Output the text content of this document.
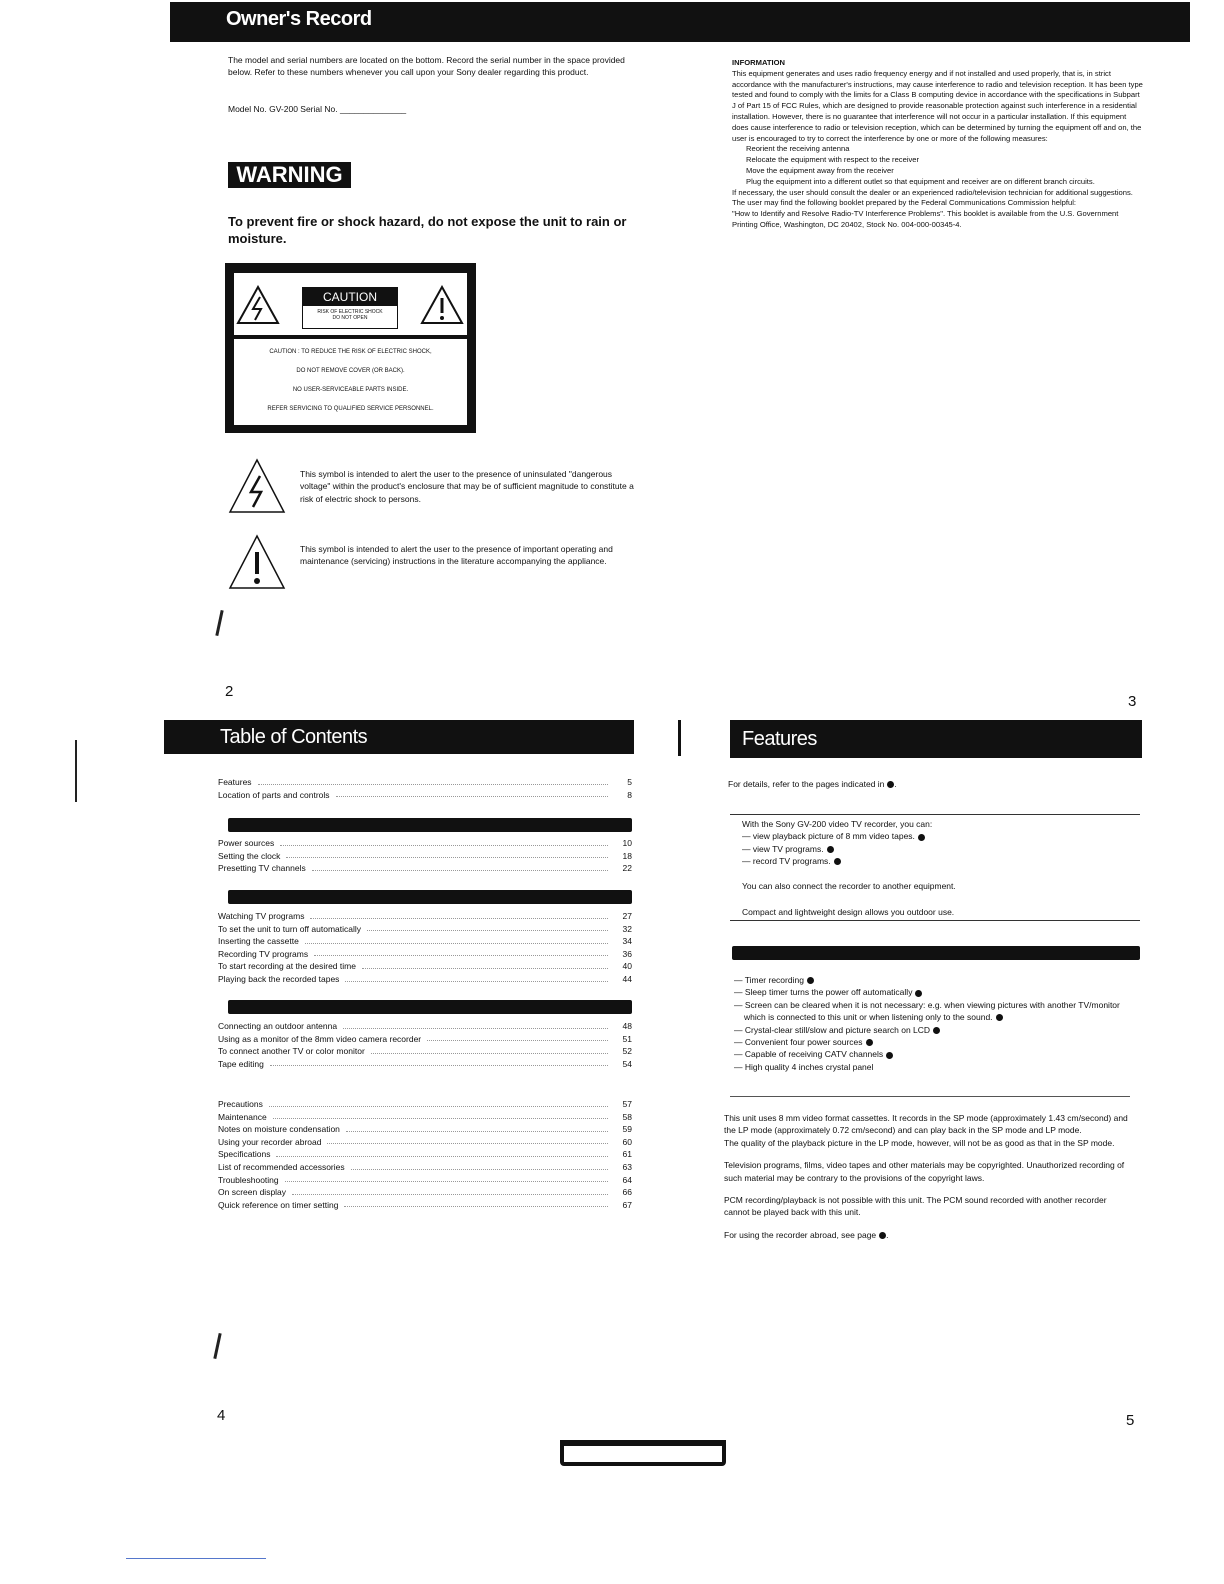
Owner's Record

The model and serial numbers are located on the bottom. Record the serial number in the space provided below. Refer to these numbers whenever you call upon your Sony dealer regarding this product.

Model No. GV-200 Serial No. ______________
WARNING
To prevent fire or shock hazard, do not expose the unit to rain or moisture.
CAUTION
RISK OF ELECTRIC SHOCK
DO NOT OPEN
CAUTION : TO REDUCE THE RISK OF ELECTRIC SHOCK,
DO NOT REMOVE COVER (OR BACK).
NO USER-SERVICEABLE PARTS INSIDE.
REFER SERVICING TO QUALIFIED SERVICE PERSONNEL.

This symbol is intended to alert the user to the presence of uninsulated "dangerous voltage" within the product's enclosure that may be of sufficient magnitude to constitute a risk of electric shock to persons.

This symbol is intended to alert the user to the presence of important operating and maintenance (servicing) instructions in the literature accompanying the appliance.

INFORMATION

This equipment generates and uses radio frequency energy and if not installed and used properly, that is, in strict accordance with the manufacturer's instructions, may cause interference to radio and television reception. It has been type tested and found to comply with the limits for a Class B computing device in accordance with the specifications in Subpart J of Part 15 of FCC Rules, which are designed to provide reasonable protection against such interference in a residential installation. However, there is no guarantee that interference will not occur in a particular installation. If this equipment does cause interference to radio or television reception, which can be determined by turning the equipment off and on, the user is encouraged to try to correct the interference by one or more of the following measures:

Reorient the receiving antenna
Relocate the equipment with respect to the receiver
Move the equipment away from the receiver
Plug the equipment into a different outlet so that equipment and receiver are on different branch circuits.

If necessary, the user should consult the dealer or an experienced radio/television technician for additional suggestions. The user may find the following booklet prepared by the Federal Communications Commission helpful:

"How to Identify and Resolve Radio-TV Interference Problems". This booklet is available from the U.S. Government Printing Office, Washington, DC 20402, Stock No. 004-000-00345-4.

2
3
Table of Contents
Features	5
Location of parts and controls	8
Power sources	10
Setting the clock	18
Presetting TV channels	22
Watching TV programs	27
To set the unit to turn off automatically	32
Inserting the cassette	34
Recording TV programs	36
To start recording at the desired time	40
Playing back the recorded tapes	44
Connecting an outdoor antenna	48
Using as a monitor of the 8mm video camera recorder	51
To connect another TV or color monitor	52
Tape editing	54
Precautions	57
Maintenance	58
Notes on moisture condensation	59
Using your recorder abroad	60
Specifications	61
List of recommended accessories	63
Troubleshooting	64
On screen display	66
Quick reference on timer setting	67
Features
For details, refer to the pages indicated in .
With the Sony GV-200 video TV recorder, you can:
— view playback picture of 8 mm video tapes.
— view TV programs.
— record TV programs.
You can also connect the recorder to another equipment.
Compact and lightweight design allows you outdoor use.
— Timer recording
— Sleep timer turns the power off automatically
— Screen can be cleared when it is not necessary: e.g. when viewing pictures with another TV/monitor which is connected to this unit or when listening only to the sound.
— Crystal-clear still/slow and picture search on LCD
— Convenient four power sources
— Capable of receiving CATV channels
— High quality 4 inches crystal panel

This unit uses 8 mm video format cassettes. It records in the SP mode (approximately 1.43 cm/second) and the LP mode (approximately 0.72 cm/second) and can play back in the SP mode and LP mode.

The quality of the playback picture in the LP mode, however, will not be as good as that in the SP mode.

Television programs, films, video tapes and other materials may be copyrighted. Unauthorized recording of such material may be contrary to the provisions of the copyright laws.

PCM recording/playback is not possible with this unit. The PCM sound recorded with another recorder cannot be played back with this unit.

For using the recorder abroad, see page .

4	5
